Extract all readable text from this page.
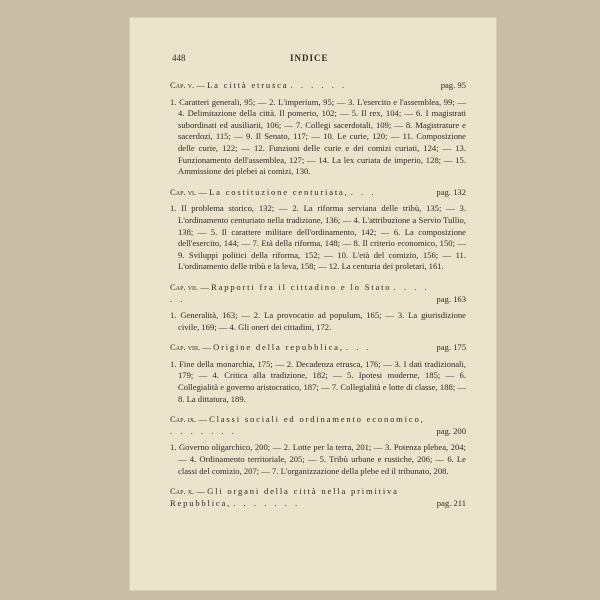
448	INDICE
Cap. v. — La città etrusca . . . . . .	pag. 95
1. Caratteri generali, 95; — 2. L'imperium, 95; — 3. L'esercito e l'assemblea, 99; — 4. Delimitazione della città. Il pomerio, 102; — 5. Il rex, 104; — 6. I magistrati subordinati ed ausiliarii, 106; — 7. Collegi sacerdotali, 109; — 8. Magistrature e sacerdozi, 115; — 9. Il Senato, 117; — 10. Le curie, 120; — 11. Composizione delle curie, 122; — 12. Funzioni delle curie e dei comizi curiati, 124; — 13. Funzionamento dell'assemblea, 127; — 14. La lex curiata de imperio, 128; — 15. Ammissione dei plebei ai comizi, 130.
Cap. vi. — La costituzione centuriata, . . .	pag. 132
1. Il problema storico, 132; — 2. La riforma serviana delle tribù, 135; — 3. L'ordinamento centuriato nella tradizione, 136; — 4. L'attribuzione a Servio Tullio, 138; — 5. Il carattere militare dell'ordinamento, 142; — 6. La composizione dell'esercito, 144; — 7. Età della riforma, 148; — 8. Il criterio economico, 150; — 9. Sviluppi politici della riforma, 152; — 10. L'età del comizio, 156; — 11. L'ordinamento delle tribù e la leva, 158; — 12. La centuria dei proletari, 161.
Cap. vii. — Rapporti fra il cittadino e lo Stato . . . . . .	pag. 163
1. Generalità, 163; — 2. La provocatio ad populum, 165; — 3. La giurisdizione civile, 169; — 4. Gli oneri dei cittadini, 172.
Cap. viii. — Origine della repubblica, . . .	pag. 175
1. Fine della monarchia, 175; — 2. Decadenza etrusca, 176; — 3. I dati tradizionali, 179; — 4. Critica alla tradizione, 182; — 5. Ipotesi moderne, 185; — 6. Collegialità e governo aristocratico, 187; — 7. Collegialità e lotte di classe, 188; — 8. La dittatura, 189.
Cap. ix. — Classi sociali ed ordinamento economico, . . . . . . .	pag. 200
1. Governo oligarchico, 200; — 2. Lotte per la terra, 201; — 3. Potenza plebea, 204; — 4. Ordinamento territoriale, 205; — 5. Tribù urbane e rustiche, 206; — 6. Le classi del comizio, 207; — 7. L'organizzazione della plebe ed il tribunato, 208.
Cap. x. — Gli organi della città nella primitiva Repubblica, . . . . . . .	pag. 211
